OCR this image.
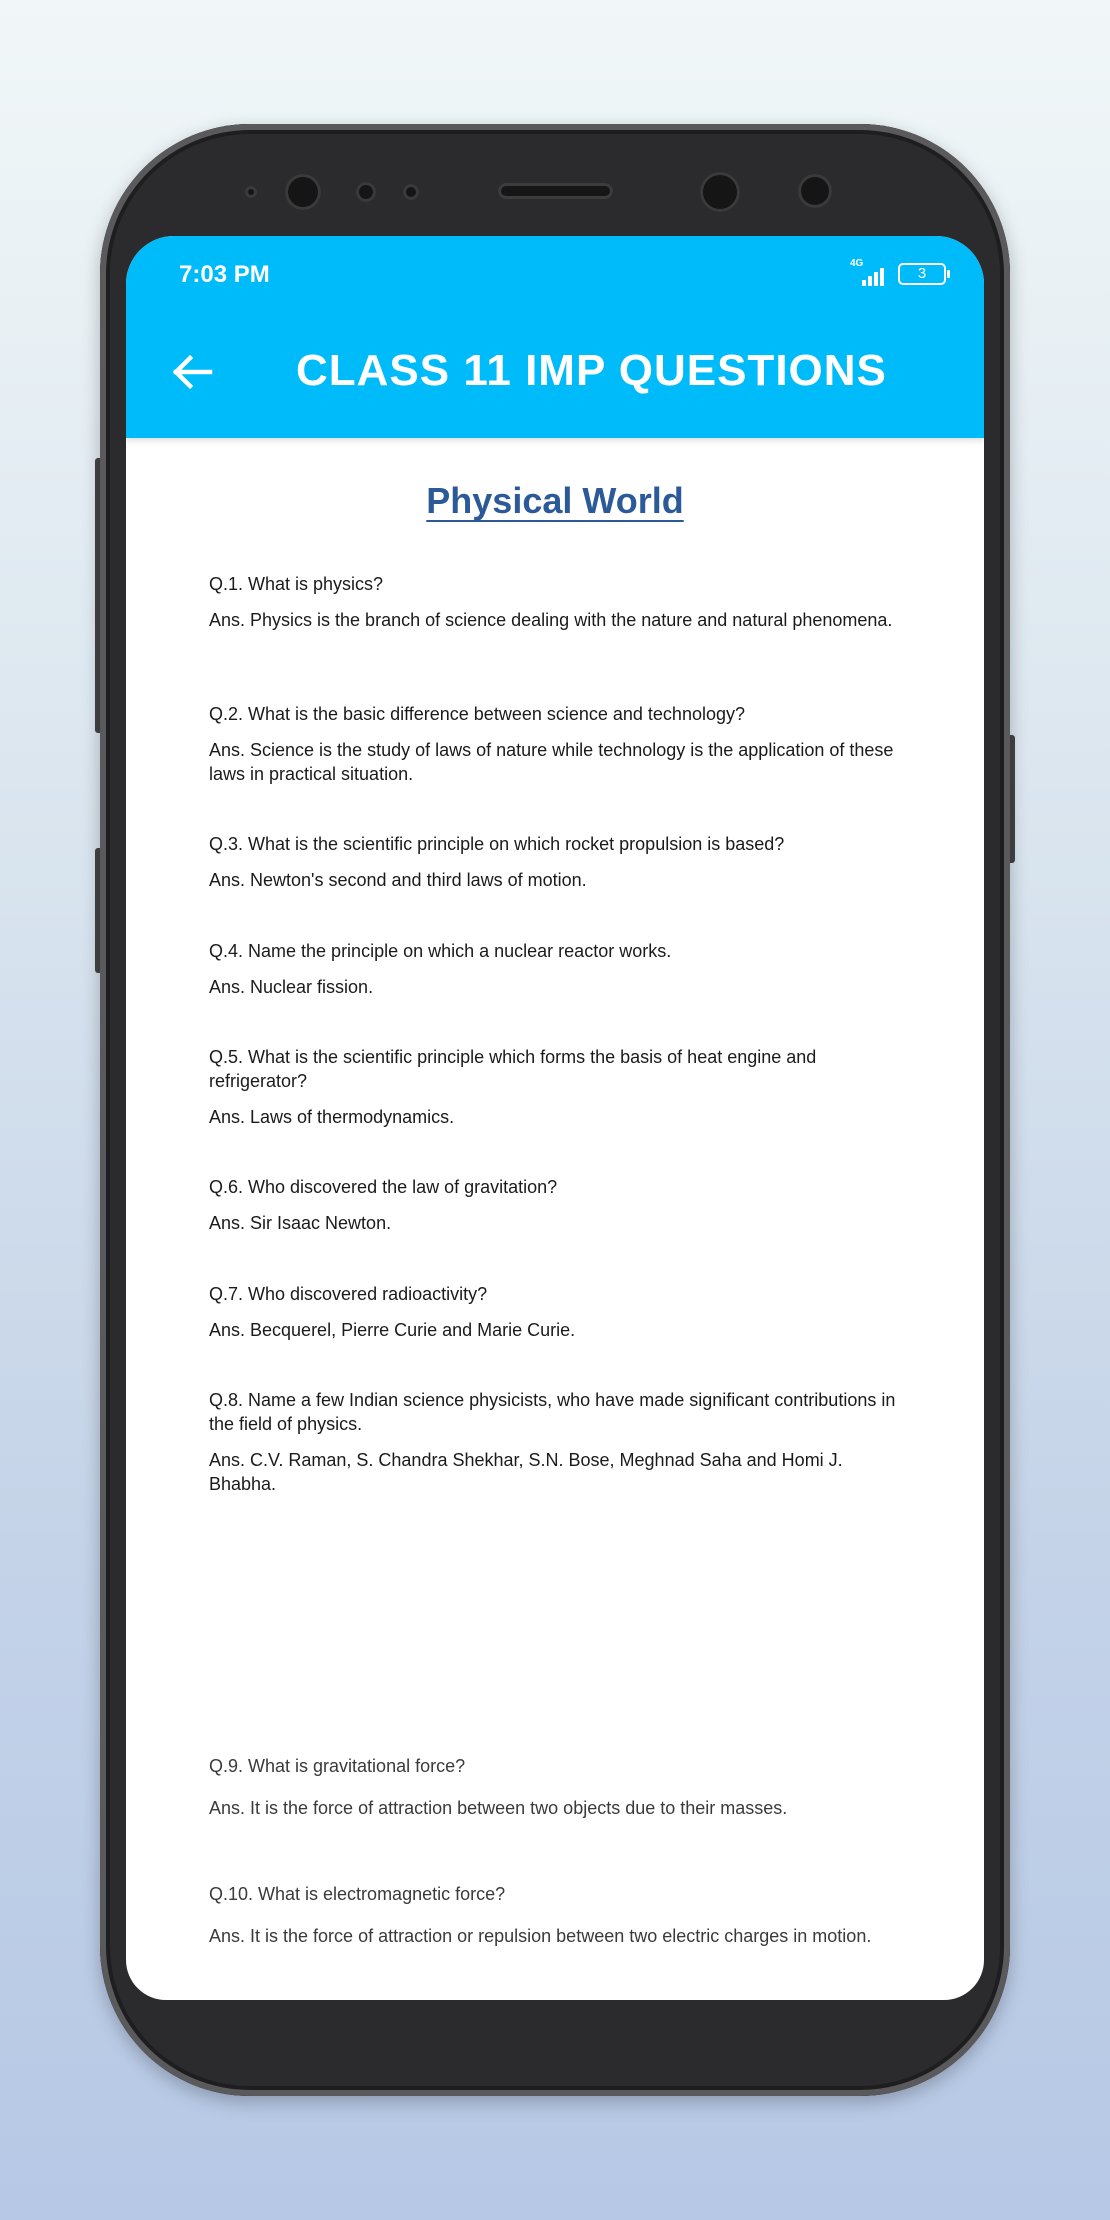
7:03 PM	4G
3
CLASS 11 IMP QUESTIONS
Physical World
Q.1. What is physics?
Ans. Physics is the branch of science dealing with the nature and natural phenomena.
Q.2. What is the basic difference between science and technology?
Ans. Science is the study of laws of nature while technology is the application of these laws in practical situation.
Q.3. What is the scientific principle on which rocket propulsion is based?
Ans. Newton's second and third laws of motion.
Q.4. Name the principle on which a nuclear reactor works.
Ans. Nuclear fission.
Q.5. What is the scientific principle which forms the basis of heat engine and refrigerator?
Ans. Laws of thermodynamics.
Q.6. Who discovered the law of gravitation?
Ans. Sir Isaac Newton.
Q.7. Who discovered radioactivity?
Ans. Becquerel, Pierre Curie and Marie Curie.
Q.8. Name a few Indian science physicists, who have made significant contributions in the field of physics.
Ans. C.V. Raman, S. Chandra Shekhar, S.N. Bose, Meghnad Saha and Homi J. Bhabha.
Q.9. What is gravitational force?
Ans. It is the force of attraction between two objects due to their masses.
Q.10. What is electromagnetic force?
Ans. It is the force of attraction or repulsion between two electric charges in motion.
